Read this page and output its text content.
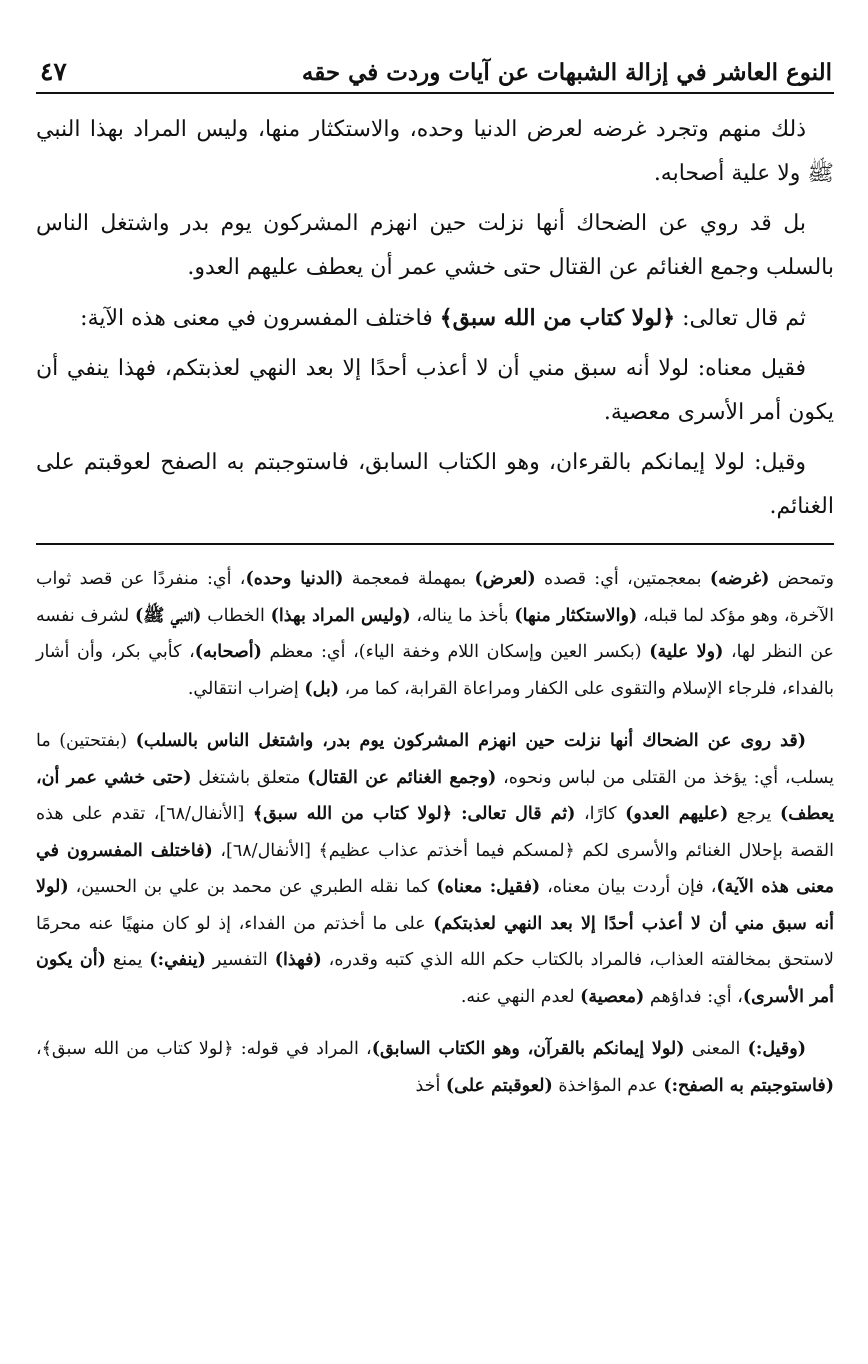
النوع العاشر في إزالة الشبهات عن آيات وردت في حقه
٤٧

ذلك منهم وتجرد غرضه لعرض الدنيا وحده، والاستكثار منها، وليس المراد بهذا النبي ﷺ ولا علية أصحابه.

بل قد روي عن الضحاك أنها نزلت حين انهزم المشركون يوم بدر واشتغل الناس بالسلب وجمع الغنائم عن القتال حتى خشي عمر أن يعطف عليهم العدو.

ثم قال تعالى: ﴿لولا كتاب من الله سبق﴾ فاختلف المفسرون في معنى هذه الآية:

فقيل معناه: لولا أنه سبق مني أن لا أعذب أحدًا إلا بعد النهي لعذبتكم، فهذا ينفي أن يكون أمر الأسرى معصية.

وقيل: لولا إيمانكم بالقرءان، وهو الكتاب السابق، فاستوجبتم به الصفح لعوقبتم على الغنائم.

وتمحض (غرضه) بمعجمتين، أي: قصده (لعرض) بمهملة فمعجمة (الدنيا وحده)، أي: منفردًا عن قصد ثواب الآخرة، وهو مؤكد لما قبله، (والاستكثار منها) بأخذ ما يناله، (وليس المراد بهذا) الخطاب (النبي ﷺ) لشرف نفسه عن النظر لها، (ولا علية) (بكسر العين وإسكان اللام وخفة الياء)، أي: معظم (أصحابه)، كأبي بكر، وأن أشار بالفداء، فلرجاء الإسلام والتقوى على الكفار ومراعاة القرابة، كما مر، (بل) إضراب انتقالي.

(قد روى عن الضحاك أنها نزلت حين انهزم المشركون يوم بدر، واشتغل الناس بالسلب) (بفتحتين) ما يسلب، أي: يؤخذ من القتلى من لباس ونحوه، (وجمع الغنائم عن القتال) متعلق باشتغل (حتى خشي عمر أن، يعطف) يرجع (عليهم العدو) كارًا، (ثم قال تعالى: ﴿لولا كتاب من الله سبق﴾ [الأنفال/٦٨]، تقدم على هذه القصة بإحلال الغنائم والأسرى لكم ﴿لمسكم فيما أخذتم عذاب عظيم﴾ [الأنفال/٦٨]، (فاختلف المفسرون في معنى هذه الآية)، فإن أردت بيان معناه، (فقيل: معناه) كما نقله الطبري عن محمد بن علي بن الحسين، (لولا أنه سبق مني أن لا أعذب أحدًا إلا بعد النهي لعذبتكم) على ما أخذتم من الفداء، إذ لو كان منهيًا عنه محرمًا لاستحق بمخالفته العذاب، فالمراد بالكتاب حكم الله الذي كتبه وقدره، (فهذا) التفسير (ينفي:) يمنع (أن يكون أمر الأسرى)، أي: فداؤهم (معصية) لعدم النهي عنه.

(وقيل:) المعنى (لولا إيمانكم بالقرآن، وهو الكتاب السابق)، المراد في قوله: ﴿لولا كتاب من الله سبق﴾، (فاستوجبتم به الصفح:) عدم المؤاخذة (لعوقبتم على) أخذ
